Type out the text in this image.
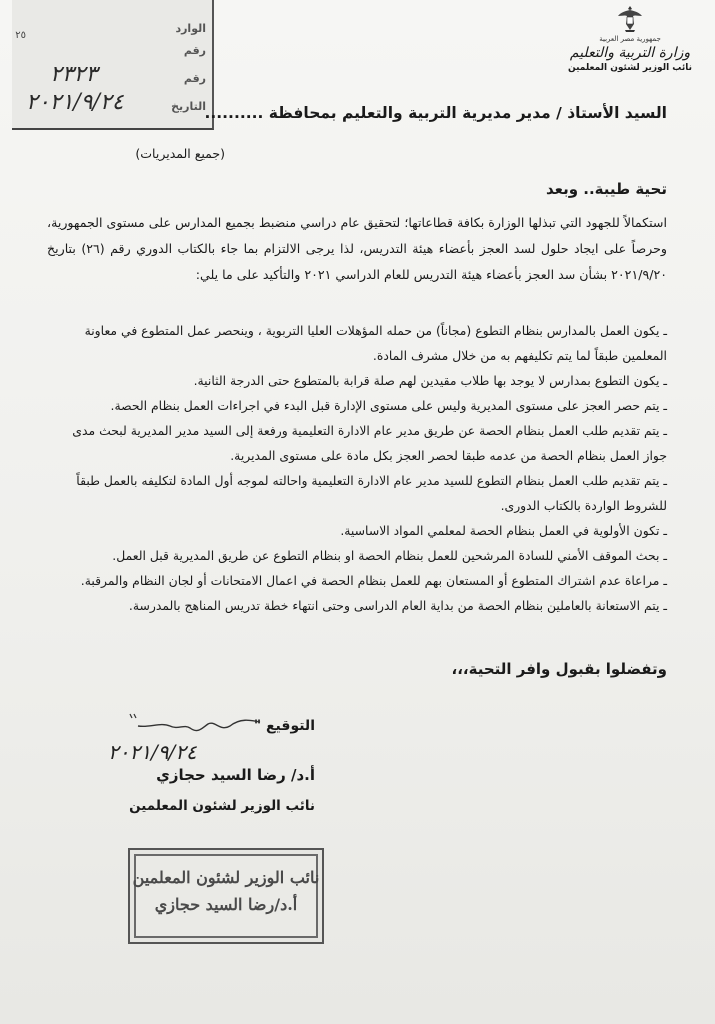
جمهورية مصر العربية
وزارة التربية والتعليم
نائب الوزير لشئون المعلمين
الوارد
رقم
رقم
التاريخ
٢٥
٢٣٢٣
٢٠٢١/٩/٢٤	السيد الأستاذ / مدير مديرية التربية والتعليم بمحافظة ..........
(جميع المديريات)
تحية طيبة.. وبعد
استكمالاً للجهود التي تبذلها الوزارة بكافة قطاعاتها؛ لتحقيق عام دراسي منضبط بجميع المدارس على مستوى الجمهورية، وحرصاً على ايجاد حلول لسد العجز بأعضاء هيئة التدريس، لذا يرجى الالتزام بما جاء بالكتاب الدوري رقم (٢٦) بتاريخ ٢٠٢١/٩/٢٠ بشأن سد العجز بأعضاء هيئة التدريس للعام الدراسي ٢٠٢١ والتأكيد على ما يلي:
ـ يكون العمل بالمدارس بنظام التطوع (مجاناً) من حمله المؤهلات العليا التربوية ، وينحصر عمل المتطوع في معاونة المعلمين طبقاً لما يتم تكليفهم به من خلال مشرف المادة.
ـ يكون التطوع بمدارس لا يوجد بها طلاب مقيدين لهم صلة قرابة بالمتطوع حتى الدرجة الثانية.
ـ يتم حصر العجز على مستوى المديرية وليس على مستوى الإدارة قبل البدء في اجراءات العمل بنظام الحصة.
ـ يتم تقديم طلب العمل بنظام الحصة عن طريق مدير عام الادارة التعليمية ورفعة إلى السيد مدير المديرية لبحث مدى جواز العمل بنظام الحصة من عدمه طبقا لحصر العجز بكل مادة على مستوى المديرية.
ـ يتم تقديم طلب العمل بنظام التطوع للسيد مدير عام الادارة التعليمية واحالته لموجه أول المادة لتكليفه بالعمل طبقاً للشروط الواردة بالكتاب الدورى.
ـ تكون الأولوية في العمل بنظام الحصة لمعلمي المواد الاساسية.
ـ بحث الموقف الأمني للسادة المرشحين للعمل بنظام الحصة او بنظام التطوع عن طريق المديرية قبل العمل.
ـ مراعاة عدم اشتراك المتطوع أو المستعان بهم للعمل بنظام الحصة في اعمال الامتحانات أو لجان النظام والمرقبة.
ـ يتم الاستعانة بالعاملين بنظام الحصة من بداية العام الدراسى وحتى انتهاء خطة تدريس المناهج بالمدرسة.
وتفضلوا بقبول وافر التحية،،،
التوقيع "
٢٠٢١/٩/٢٤
أ.د/ رضا السيد حجازي
نائب الوزير لشئون المعلمين
نائب الوزير لشئون المعلمين
أ.د/رضا السيد حجازي
